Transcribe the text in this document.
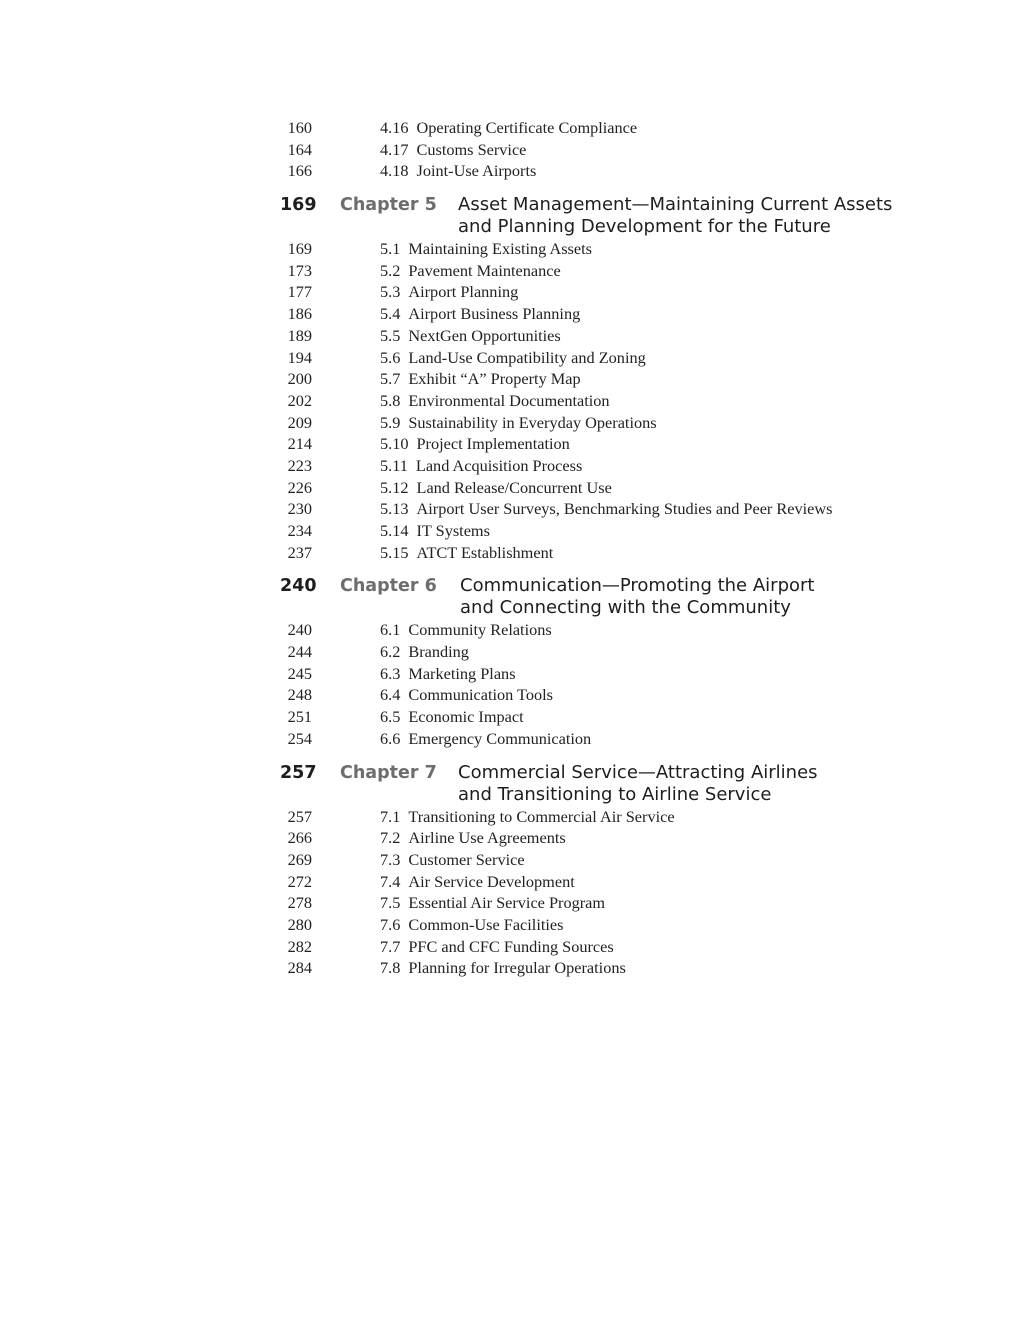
160	4.16 Operating Certificate Compliance
164	4.17 Customs Service
166	4.18 Joint-Use Airports
169 Chapter 5 Asset Management—Maintaining Current Assets
and Planning Development for the Future
169	5.1 Maintaining Existing Assets
173	5.2 Pavement Maintenance
177	5.3 Airport Planning
186	5.4 Airport Business Planning
189	5.5 NextGen Opportunities
194	5.6 Land-Use Compatibility and Zoning
200	5.7 Exhibit “A” Property Map
202	5.8 Environmental Documentation
209	5.9 Sustainability in Everyday Operations
214	5.10 Project Implementation
223	5.11 Land Acquisition Process
226	5.12 Land Release/Concurrent Use
230	5.13 Airport User Surveys, Benchmarking Studies and Peer Reviews
234	5.14 IT Systems
237	5.15 ATCT Establishment
240 Chapter 6 Communication—Promoting the Airport
and Connecting with the Community
240	6.1 Community Relations
244	6.2 Branding
245	6.3 Marketing Plans
248	6.4 Communication Tools
251	6.5 Economic Impact
254	6.6 Emergency Communication
257 Chapter 7 Commercial Service—Attracting Airlines
and Transitioning to Airline Service
257	7.1 Transitioning to Commercial Air Service
266	7.2 Airline Use Agreements
269	7.3 Customer Service
272	7.4 Air Service Development
278	7.5 Essential Air Service Program
280	7.6 Common-Use Facilities
282	7.7 PFC and CFC Funding Sources
284	7.8 Planning for Irregular Operations
